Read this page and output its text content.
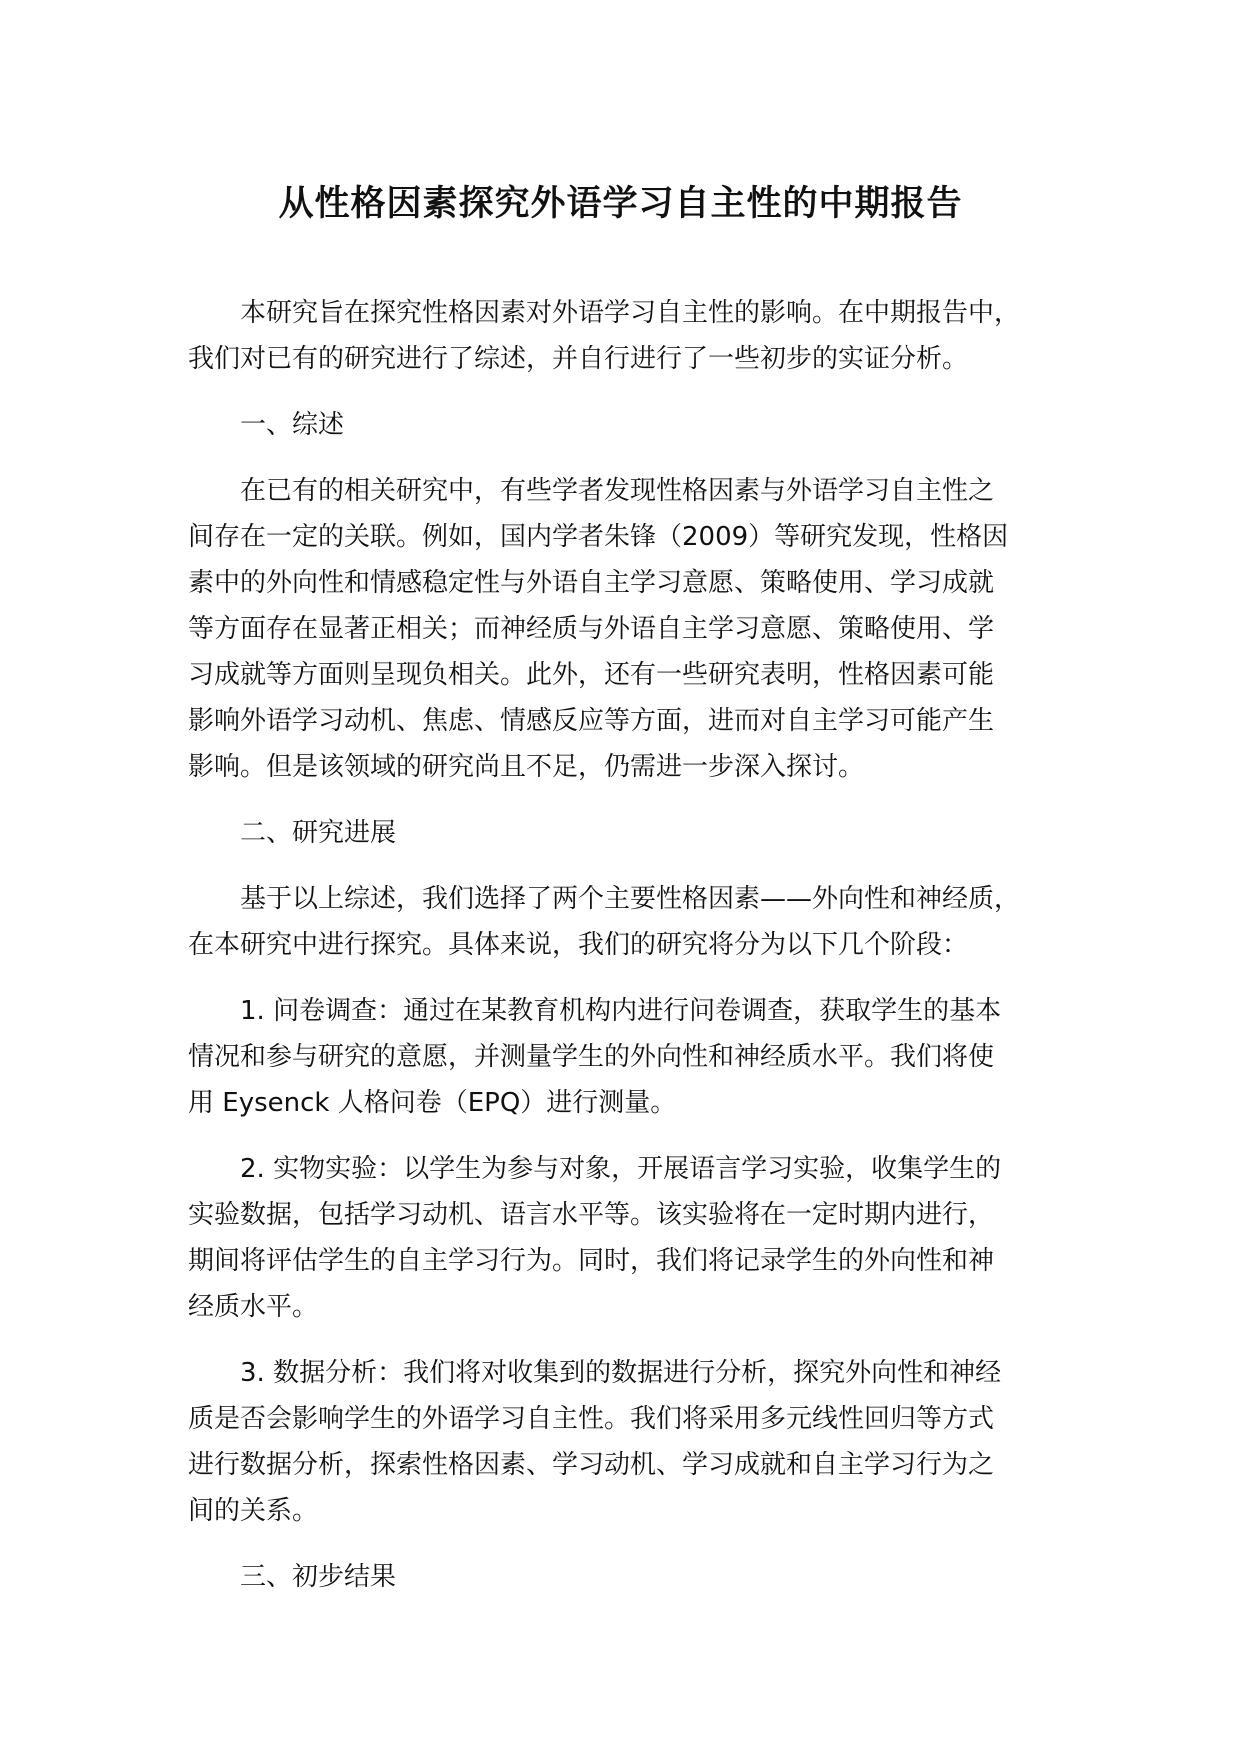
从性格因素探究外语学习自主性的中期报告

本研究旨在探究性格因素对外语学习自主性的影响。在中期报告中，
我们对已有的研究进行了综述，并自行进行了一些初步的实证分析。

一、综述

在已有的相关研究中，有些学者发现性格因素与外语学习自主性之
间存在一定的关联。例如，国内学者朱锋（2009）等研究发现，性格因
素中的外向性和情感稳定性与外语自主学习意愿、策略使用、学习成就
等方面存在显著正相关；而神经质与外语自主学习意愿、策略使用、学
习成就等方面则呈现负相关。此外，还有一些研究表明，性格因素可能
影响外语学习动机、焦虑、情感反应等方面，进而对自主学习可能产生
影响。但是该领域的研究尚且不足，仍需进一步深入探讨。

二、研究进展

基于以上综述，我们选择了两个主要性格因素——外向性和神经质，
在本研究中进行探究。具体来说，我们的研究将分为以下几个阶段：

1. 问卷调查：通过在某教育机构内进行问卷调查，获取学生的基本
情况和参与研究的意愿，并测量学生的外向性和神经质水平。我们将使
用 Eysenck 人格问卷（EPQ）进行测量。

2. 实物实验：以学生为参与对象，开展语言学习实验，收集学生的
实验数据，包括学习动机、语言水平等。该实验将在一定时期内进行，
期间将评估学生的自主学习行为。同时，我们将记录学生的外向性和神
经质水平。

3. 数据分析：我们将对收集到的数据进行分析，探究外向性和神经
质是否会影响学生的外语学习自主性。我们将采用多元线性回归等方式
进行数据分析，探索性格因素、学习动机、学习成就和自主学习行为之
间的关系。

三、初步结果
